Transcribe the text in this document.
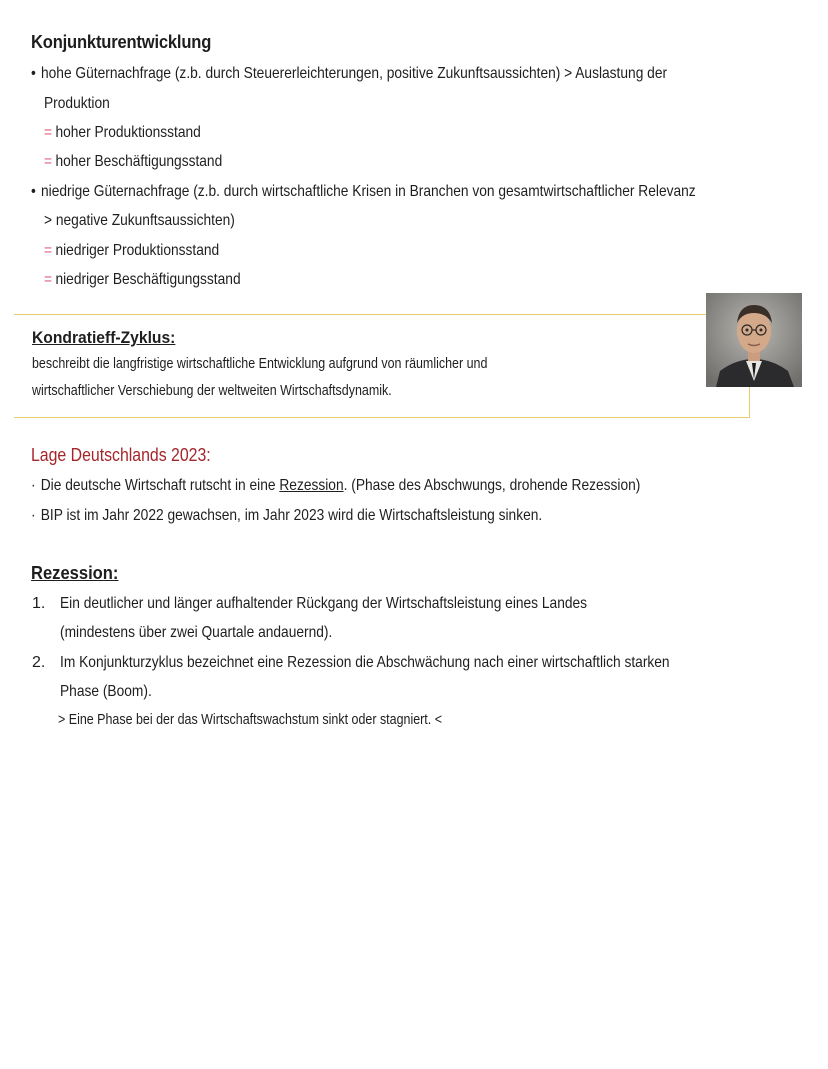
Konjunkturentwicklung
• hohe Güternachfrage (z.b. durch Steuererleichterungen, positive Zukunftsaussichten) > Auslastung der
Produktion
= hoher Produktionsstand
= hoher Beschäftigungsstand
• niedrige Güternachfrage (z.b. durch wirtschaftliche Krisen in Branchen von gesamtwirtschaftlicher Relevanz
> negative Zukunftsaussichten)
= niedriger Produktionsstand
= niedriger Beschäftigungsstand
Kondratieff-Zyklus:
beschreibt die langfristige wirtschaftliche Entwicklung aufgrund von räumlicher und
wirtschaftlicher Verschiebung der weltweiten Wirtschaftsdynamik.
Lage Deutschlands 2023:
· Die deutsche Wirtschaft rutscht in eine Rezession. (Phase des Abschwungs, drohende Rezession)
· BIP ist im Jahr 2022 gewachsen, im Jahr 2023 wird die Wirtschaftsleistung sinken.
Rezession:
1. Ein deutlicher und länger aufhaltender Rückgang der Wirtschaftsleistung eines Landes
(mindestens über zwei Quartale andauernd).
2. Im Konjunkturzyklus bezeichnet eine Rezession die Abschwächung nach einer wirtschaftlich starken
Phase (Boom).
> Eine Phase bei der das Wirtschaftswachstum sinkt oder stagniert. <
